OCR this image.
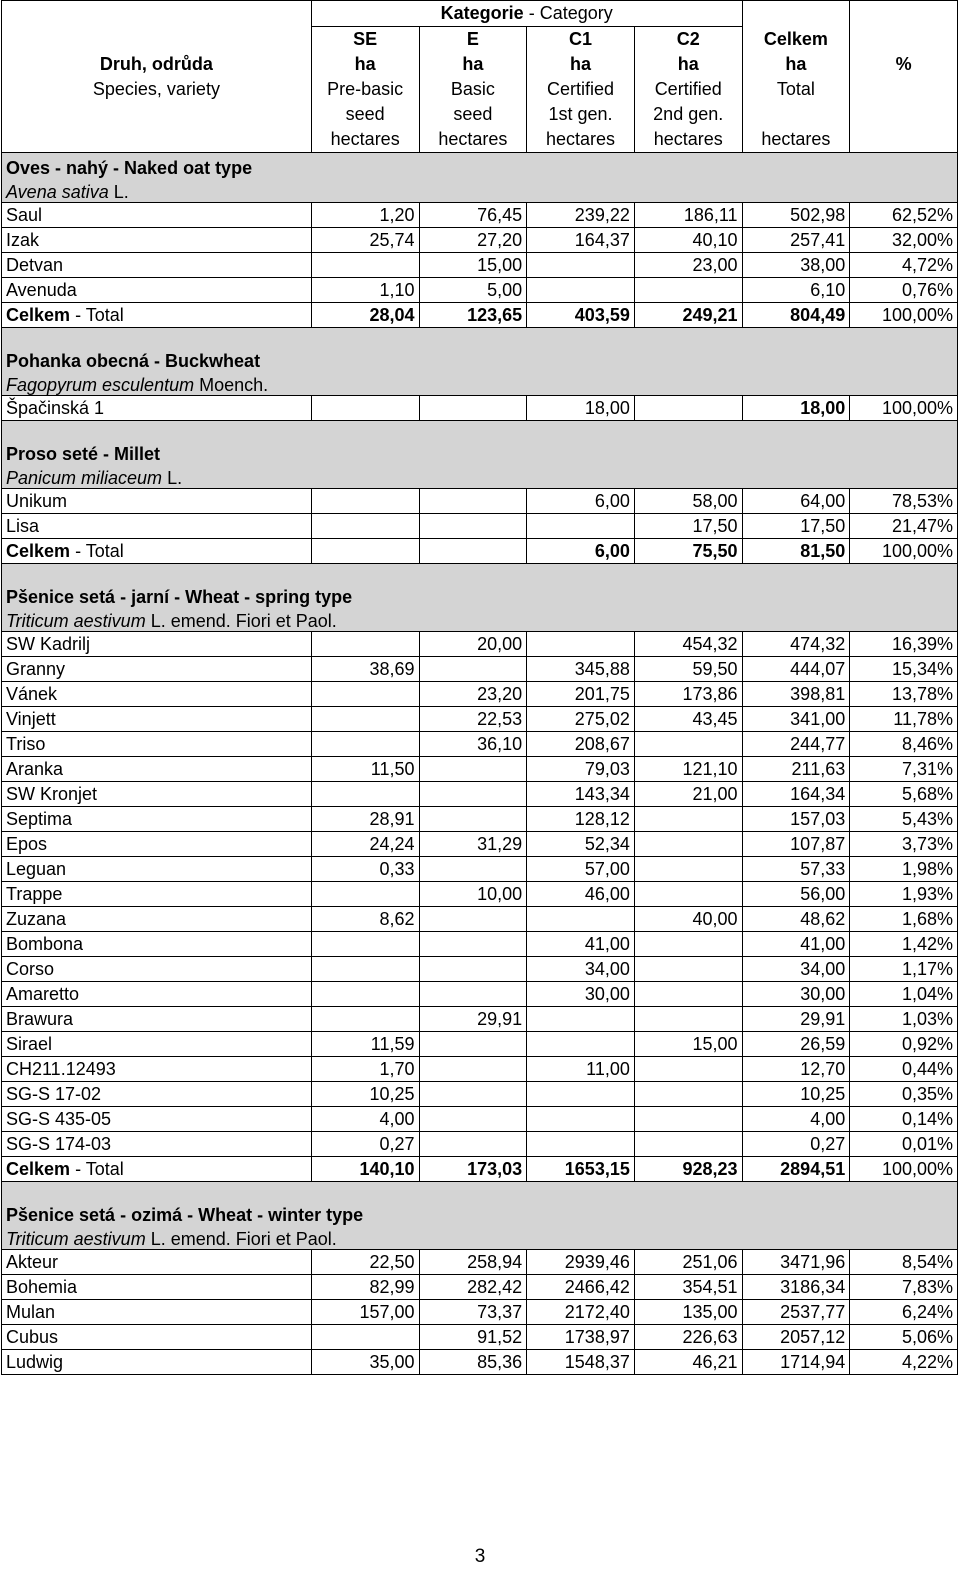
	Kategorie - Category					
	SE	E	C1	C2	Celkem	
Druh, odrůda	ha	ha	ha	ha	ha	%
Species, variety	Pre-basic	Basic	Certified	Certified	Total	
	seed	seed	1st gen.	2nd gen.		
	hectares	hectares	hectares	hectares	hectares	
Oves - nahý - Naked oat type						
Avena sativa L.						
Saul	1,20	76,45	239,22	186,11	502,98	62,52%
Izak	25,74	27,20	164,37	40,10	257,41	32,00%
Detvan		15,00		23,00	38,00	4,72%
Avenuda	1,10	5,00			6,10	0,76%
Celkem - Total	28,04	123,65	403,59	249,21	804,49	100,00%

Pohanka obecná - Buckwheat						
Fagopyrum esculentum Moench.						
Špačinská 1			18,00		18,00	100,00%

Proso seté - Millet						
Panicum miliaceum L.						
Unikum			6,00	58,00	64,00	78,53%
Lisa				17,50	17,50	21,47%
Celkem - Total			6,00	75,50	81,50	100,00%

Pšenice setá - jarní - Wheat - spring type						
Triticum aestivum L. emend. Fiori et Paol.						
SW Kadrilj		20,00		454,32	474,32	16,39%
Granny	38,69		345,88	59,50	444,07	15,34%
Vánek		23,20	201,75	173,86	398,81	13,78%
Vinjett		22,53	275,02	43,45	341,00	11,78%
Triso		36,10	208,67		244,77	8,46%
Aranka	11,50		79,03	121,10	211,63	7,31%
SW Kronjet			143,34	21,00	164,34	5,68%
Septima	28,91		128,12		157,03	5,43%
Epos	24,24	31,29	52,34		107,87	3,73%
Leguan	0,33		57,00		57,33	1,98%
Trappe		10,00	46,00		56,00	1,93%
Zuzana	8,62			40,00	48,62	1,68%
Bombona			41,00		41,00	1,42%
Corso			34,00		34,00	1,17%
Amaretto			30,00		30,00	1,04%
Brawura		29,91			29,91	1,03%
Sirael	11,59			15,00	26,59	0,92%
CH211.12493	1,70		11,00		12,70	0,44%
SG-S 17-02	10,25				10,25	0,35%
SG-S 435-05	4,00				4,00	0,14%
SG-S 174-03	0,27				0,27	0,01%
Celkem - Total	140,10	173,03	1653,15	928,23	2894,51	100,00%

Pšenice setá - ozimá - Wheat - winter type						
Triticum aestivum L. emend. Fiori et Paol.						
Akteur	22,50	258,94	2939,46	251,06	3471,96	8,54%
Bohemia	82,99	282,42	2466,42	354,51	3186,34	7,83%
Mulan	157,00	73,37	2172,40	135,00	2537,77	6,24%
Cubus		91,52	1738,97	226,63	2057,12	5,06%
Ludwig	35,00	85,36	1548,37	46,21	1714,94	4,22%
3
